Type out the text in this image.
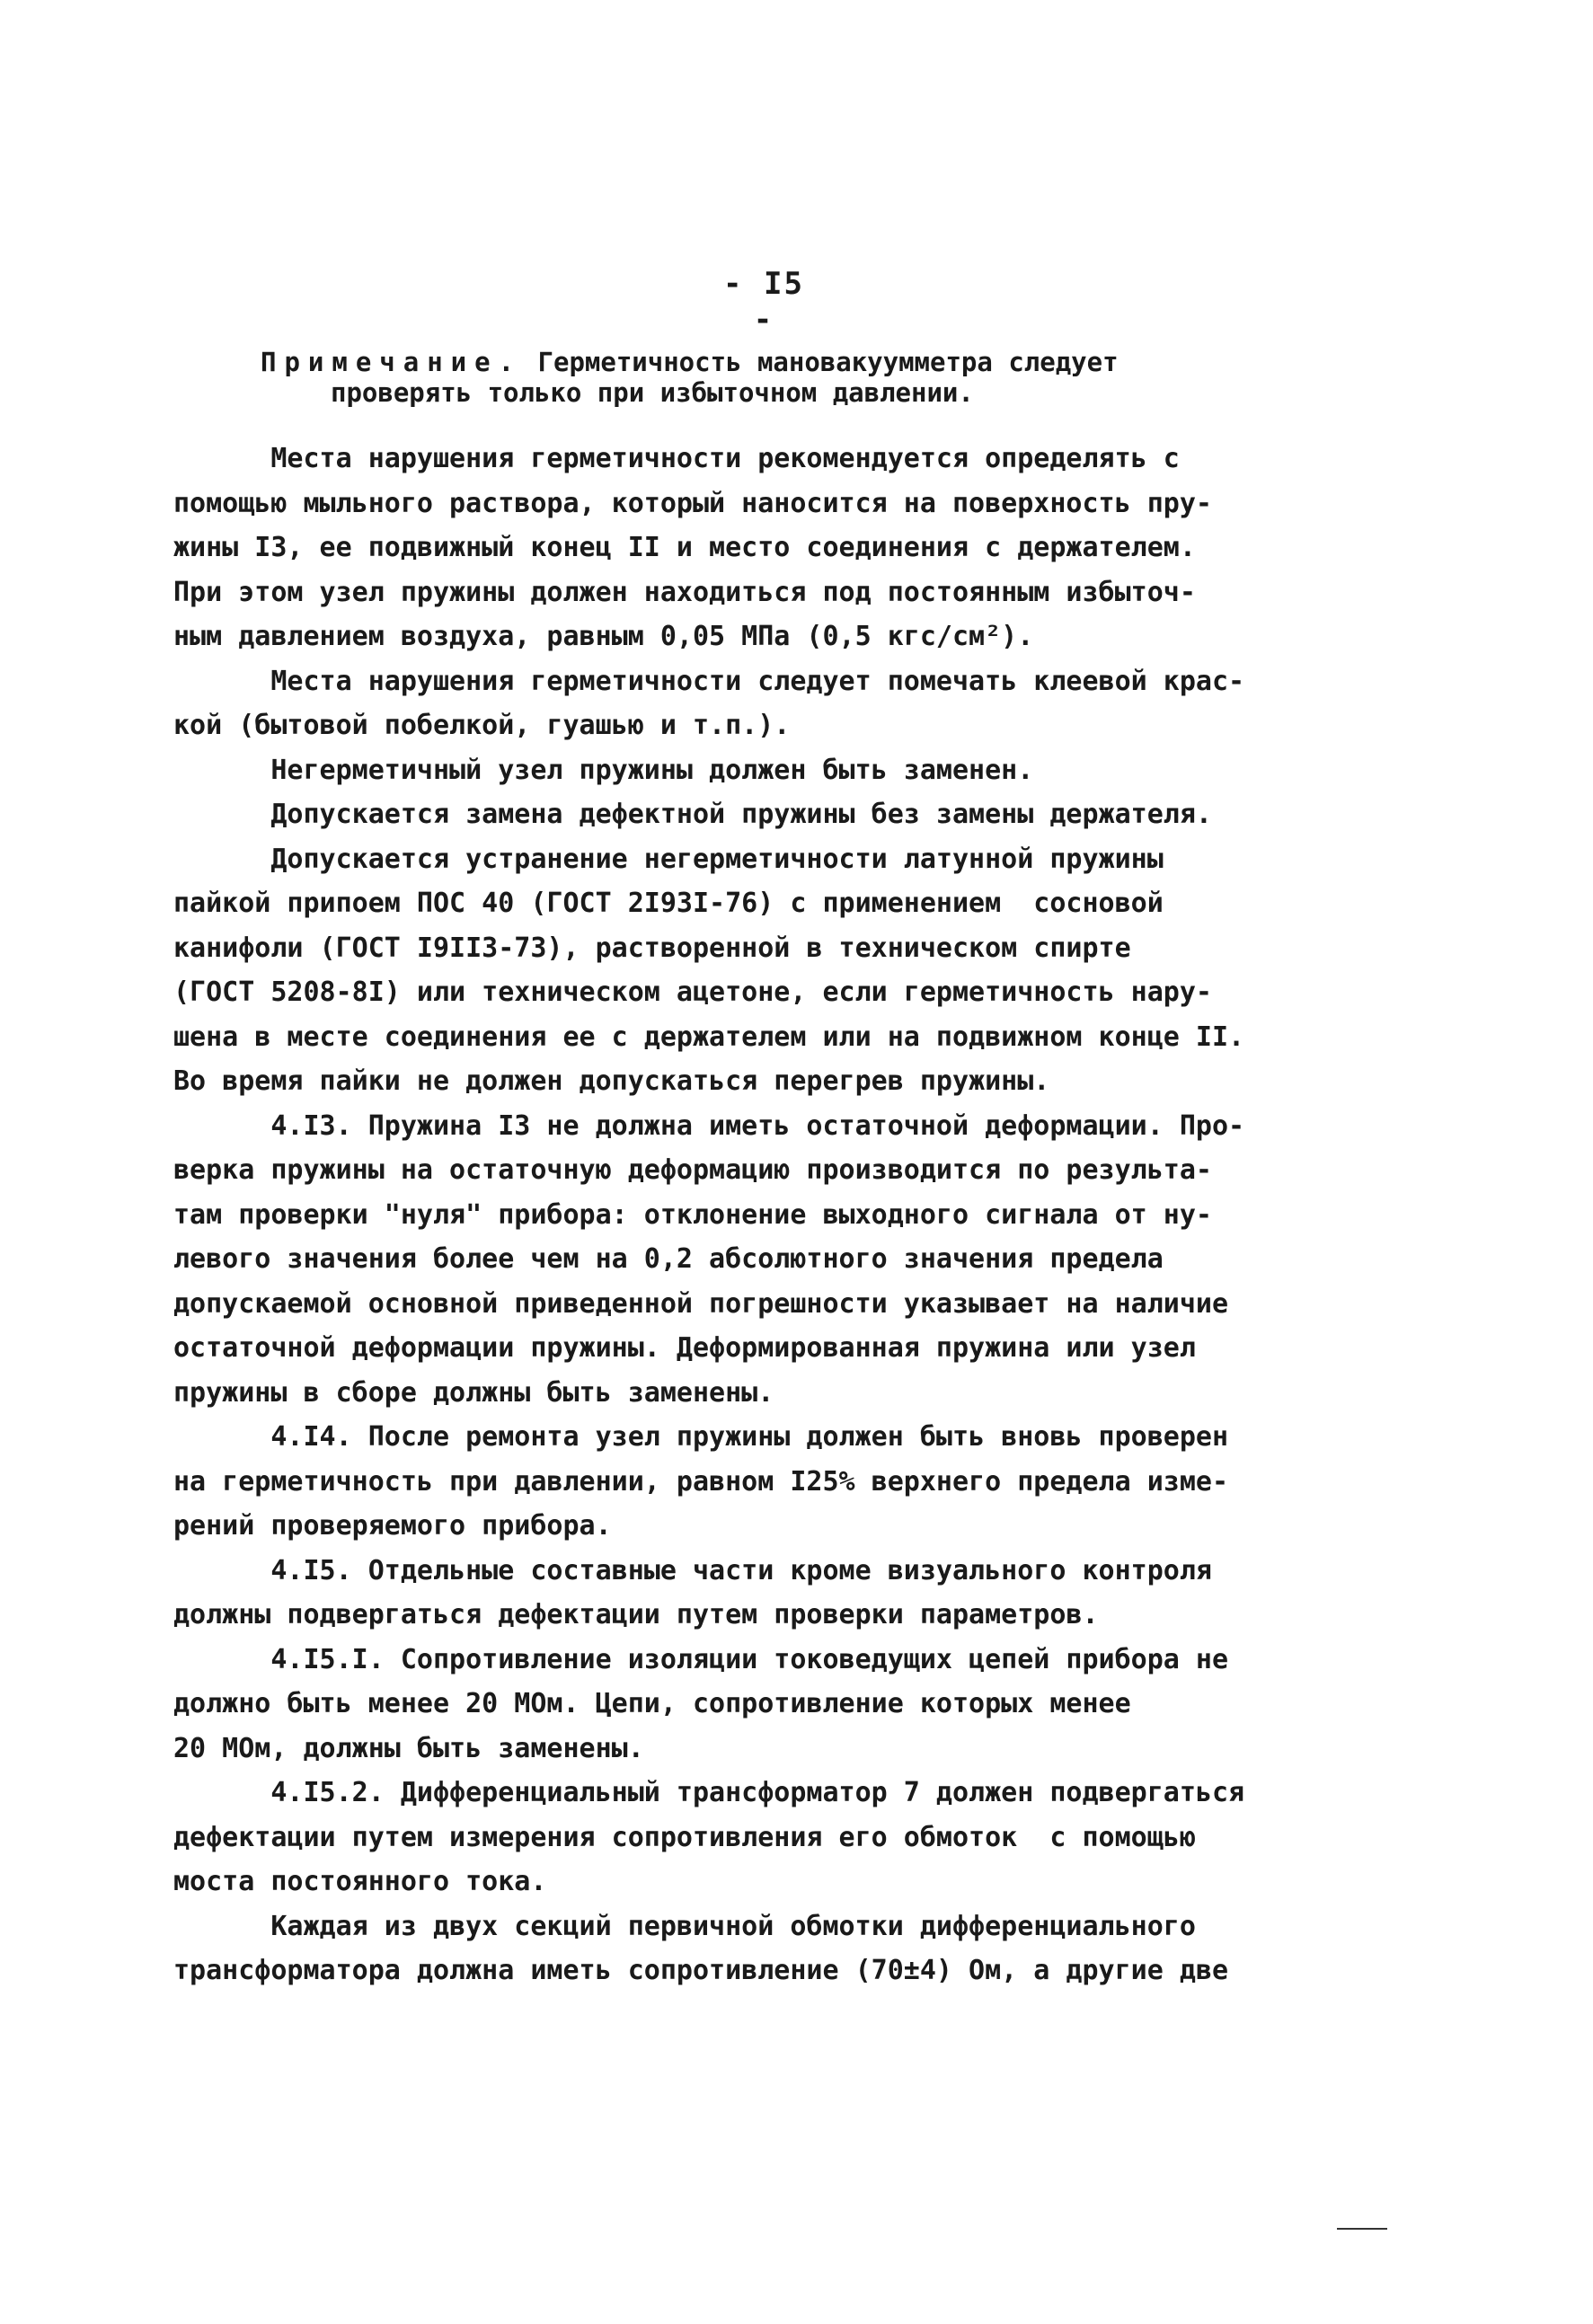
- I5 -
Примечание. Герметичность мановакуумметра следует
проверять только при избыточном давлении.
Места нарушения герметичности рекомендуется определять с
помощью мыльного раствора, который наносится на поверхность пру-
жины I3, ее подвижный конец II и место соединения с держателем.
При этом узел пружины должен находиться под постоянным избыточ-
ным давлением воздуха, равным 0,05 МПа (0,5 кгс/см²).
Места нарушения герметичности следует помечать клеевой крас-
кой (бытовой побелкой, гуашью и т.п.).
Негерметичный узел пружины должен быть заменен.
Допускается замена дефектной пружины без замены держателя.
Допускается устранение негерметичности латунной пружины
пайкой припоем ПОС 40 (ГОСТ 2I93I-76) с применением  сосновой
канифоли (ГОСТ I9II3-73), растворенной в техническом спирте
(ГОСТ 5208-8I) или техническом ацетоне, если герметичность нару-
шена в месте соединения ее с держателем или на подвижном конце II.
Во время пайки не должен допускаться перегрев пружины.
4.I3. Пружина I3 не должна иметь остаточной деформации. Про-
верка пружины на остаточную деформацию производится по результа-
там проверки "нуля" прибора: отклонение выходного сигнала от ну-
левого значения более чем на 0,2 абсолютного значения предела
допускаемой основной приведенной погрешности указывает на наличие
остаточной деформации пружины. Деформированная пружина или узел
пружины в сборе должны быть заменены.
4.I4. После ремонта узел пружины должен быть вновь проверен
на герметичность при давлении, равном I25% верхнего предела изме-
рений проверяемого прибора.
4.I5. Отдельные составные части кроме визуального контроля
должны подвергаться дефектации путем проверки параметров.
4.I5.I. Сопротивление изоляции токоведущих цепей прибора не
должно быть менее 20 МОм. Цепи, сопротивление которых менее
20 МОм, должны быть заменены.
4.I5.2. Дифференциальный трансформатор 7 должен подвергаться
дефектации путем измерения сопротивления его обмоток  с помощью
моста постоянного тока.
Каждая из двух секций первичной обмотки дифференциального
трансформатора должна иметь сопротивление (70±4) Ом, а другие две
